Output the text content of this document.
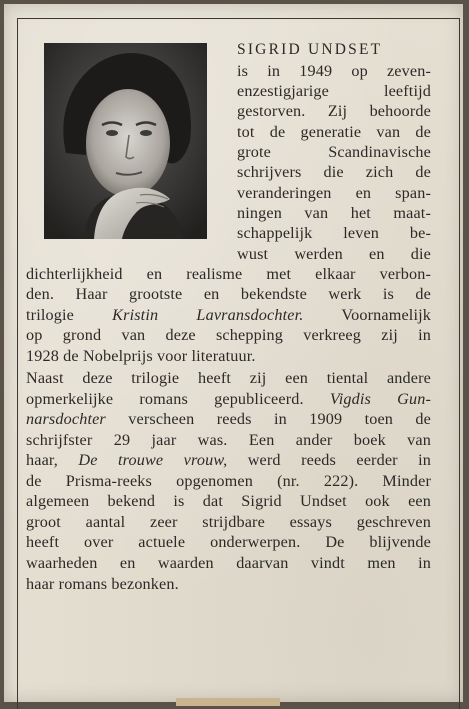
SIGRID UNDSET
is in 1949 op zeven-
enzestigjarige leeftijd
gestorven. Zij behoorde
tot de generatie van de
grote Scandinavische
schrijvers die zich de
veranderingen en span-
ningen van het maat-
schappelijk leven be-
wust werden en die
dichterlijkheid en realisme met elkaar verbon-
den. Haar grootste en bekendste werk is de
trilogie Kristin Lavransdochter. Voornamelijk
op grond van deze schepping verkreeg zij in
1928 de Nobelprijs voor literatuur.
Naast deze trilogie heeft zij een tiental andere
opmerkelijke romans gepubliceerd. Vigdis Gun-
narsdochter verscheen reeds in 1909 toen de
schrijfster 29 jaar was. Een ander boek van
haar, De trouwe vrouw, werd reeds eerder in
de Prisma-reeks opgenomen (nr. 222). Minder
algemeen bekend is dat Sigrid Undset ook een
groot aantal zeer strijdbare essays geschreven
heeft over actuele onderwerpen. De blijvende
waarheden en waarden daarvan vindt men in
haar romans bezonken.
